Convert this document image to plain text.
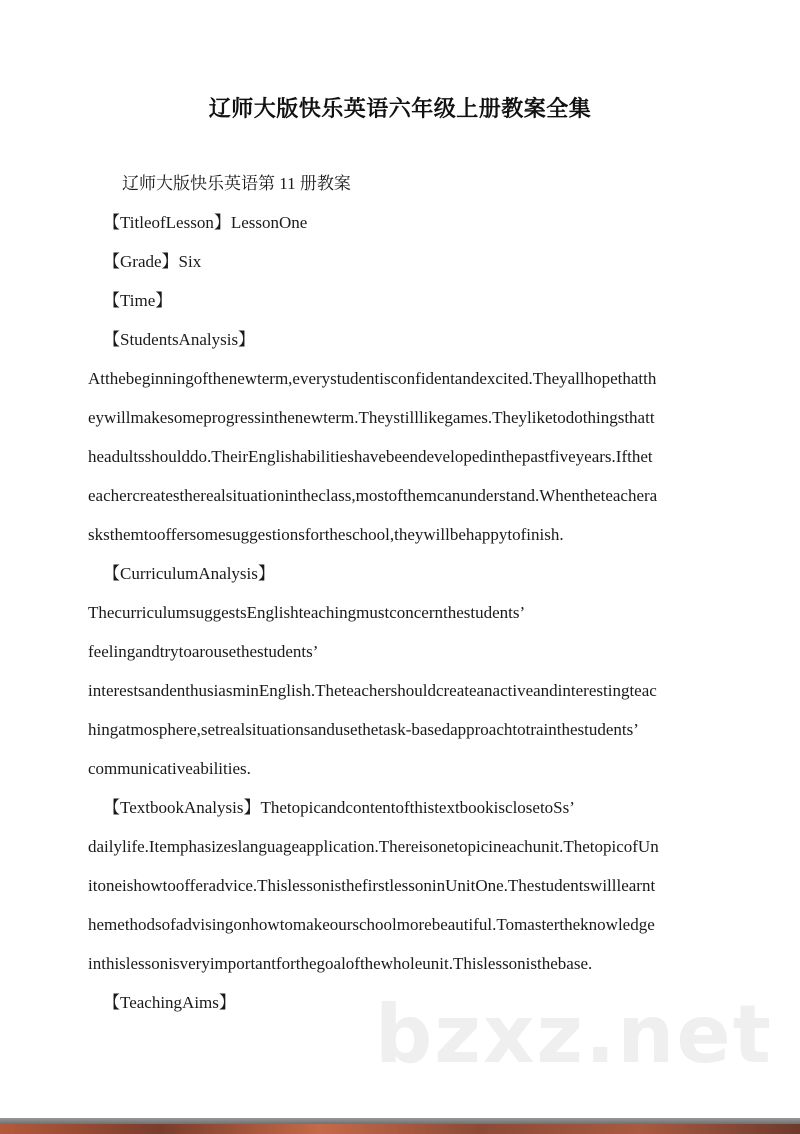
辽师大版快乐英语六年级上册教案全集
辽师大版快乐英语第 11 册教案
【TitleofLesson】LessonOne
【Grade】Six
【Time】
【StudentsAnalysis】
Atthebeginningofthenewterm,everystudentisconfidentandexcited.Theyallhopethatth
eywillmakesomeprogressinthenewterm.Theystilllikegames.Theyliketodothingsthatt
headultsshoulddo.TheirEnglishabilitieshavebeendevelopedinthepastfiveyears.Ifthet
eachercreatestherealsituationintheclass,mostofthemcanunderstand.Whentheteachera
sksthemtooffersomesuggestionsfortheschool,theywillbehappytofinish.
【CurriculumAnalysis】
ThecurriculumsuggestsEnglishteachingmustconcernthestudents’
feelingandtrytoarousethestudents’
interestsandenthusiasminEnglish.Theteachershouldcreateanactiveandinterestingteac
hingatmosphere,setrealsituationsandusethetask-basedapproachtotrainthestudents’
communicativeabilities.
【TextbookAnalysis】ThetopicandcontentofthistextbookisclosetoSs’
dailylife.Itemphasizeslanguageapplication.Thereisonetopicineachunit.ThetopicofUn
itoneishowtoofferadvice.ThislessonisthefirstlessoninUnitOne.Thestudentswilllearnt
hemethodsofadvisingonhowtomakeourschoolmorebeautiful.Tomastertheknowledge
inthislessonisveryimportantforthegoalofthewholeunit.Thislessonisthebase.
【TeachingAims】	bzxz.net
